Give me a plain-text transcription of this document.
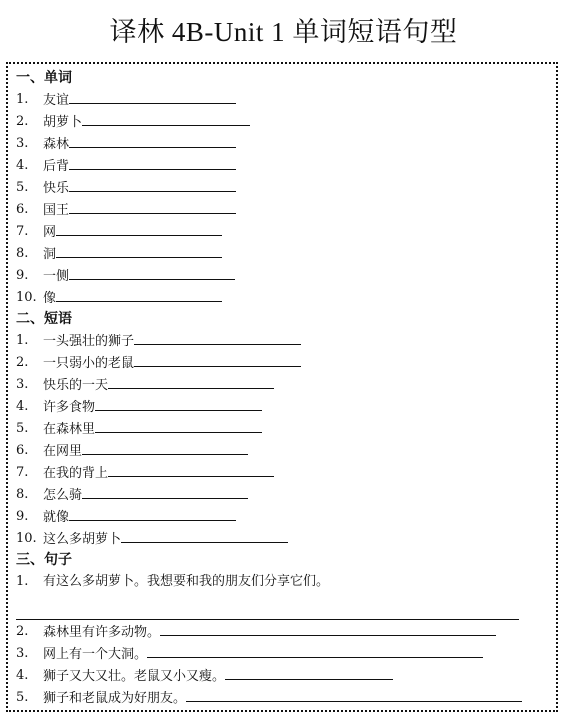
译林 4B-Unit 1 单词短语句型
一、单词
1.	友谊
2.	胡萝卜
3.	森林
4.	后背
5.	快乐
6.	国王
7.	网
8.	洞
9.	一侧
10. 像
二、短语
1.	一头强壮的狮子
2.	一只弱小的老鼠
3.	快乐的一天
4.	许多食物
5.	在森林里
6.	在网里
7.	在我的背上
8.	怎么骑
9.	就像
10. 这么多胡萝卜
三、句子
1.	有这么多胡萝卜。我想要和我的朋友们分享它们。
2.	森林里有许多动物。
3.	网上有一个大洞。
4.	狮子又大又壮。老鼠又小又瘦。
5.	狮子和老鼠成为好朋友。
